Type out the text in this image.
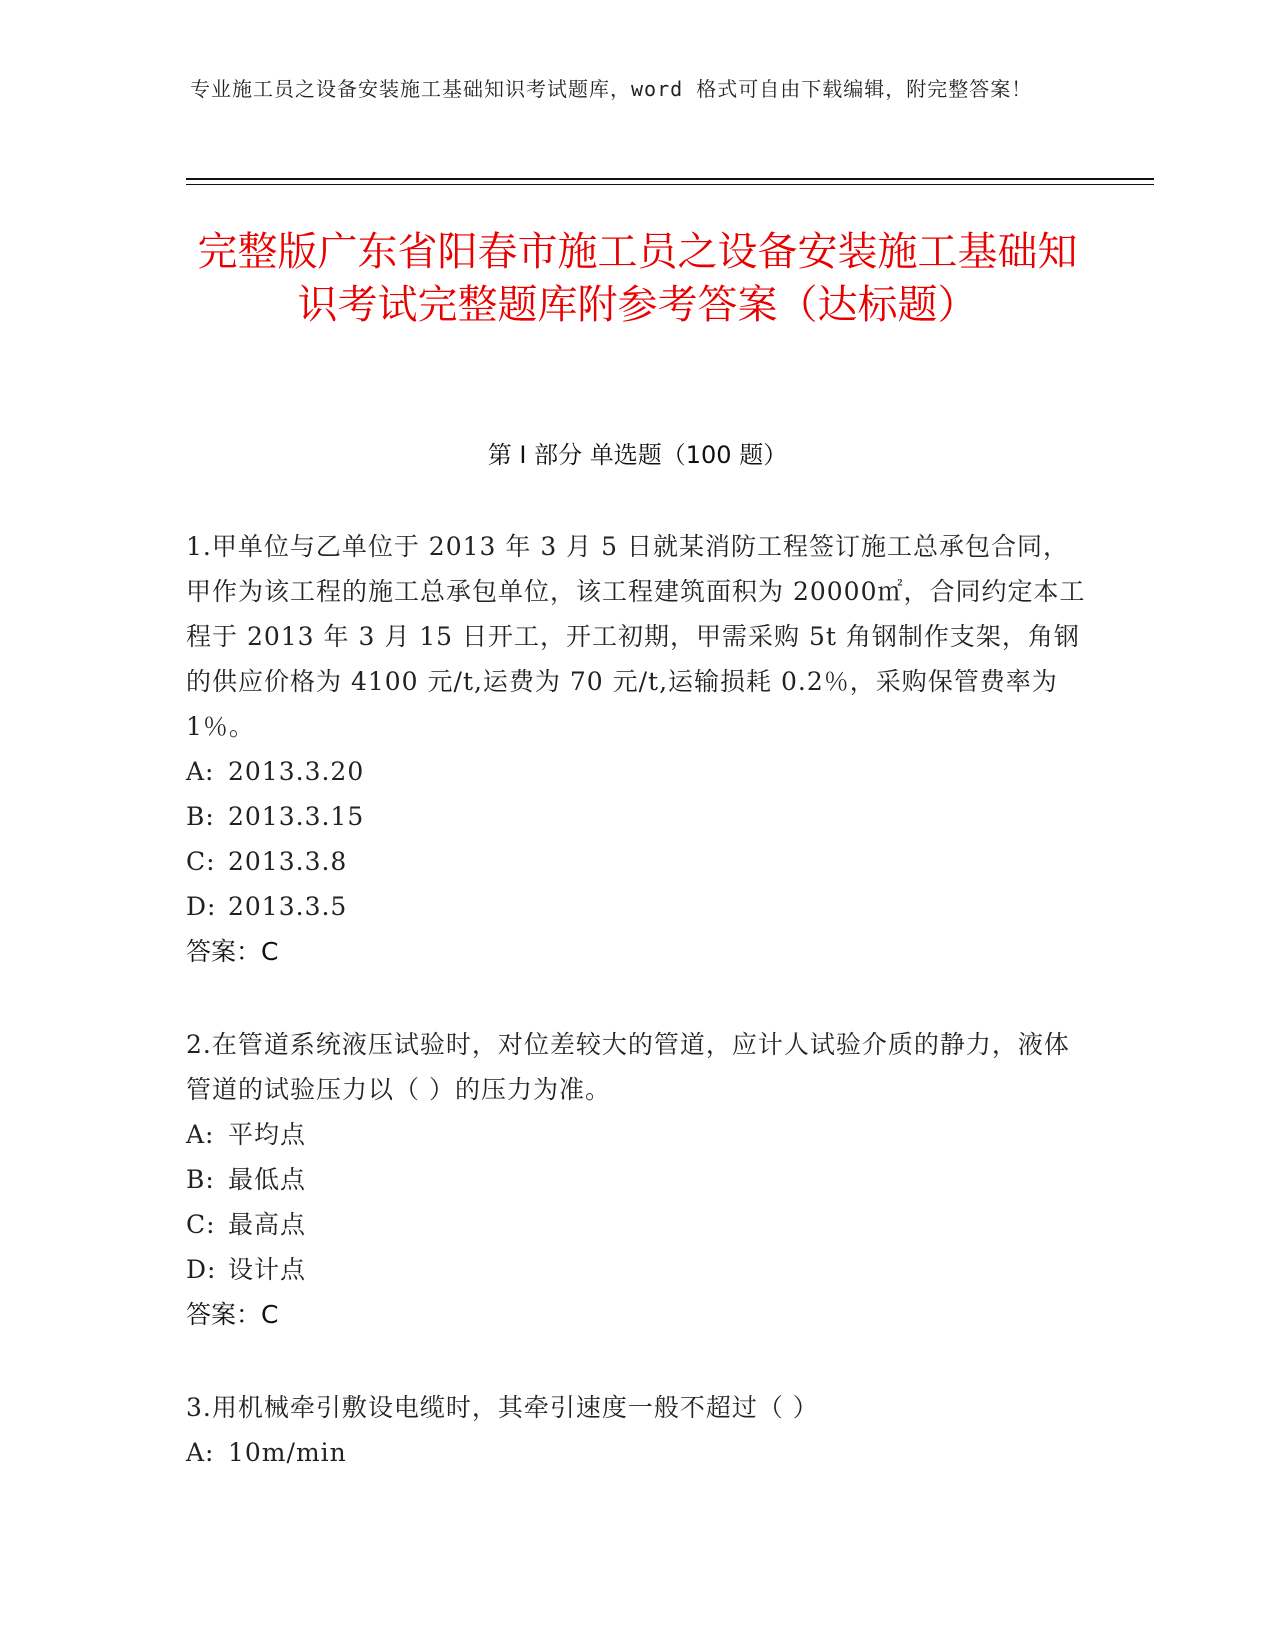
专业施工员之设备安装施工基础知识考试题库，word 格式可自由下载编辑，附完整答案！
完整版广东省阳春市施工员之设备安装施工基础知识考试完整题库附参考答案（达标题）
第 I 部分 单选题（100 题）
1.甲单位与乙单位于 2013 年 3 月 5 日就某消防工程签订施工总承包合同，甲作为该工程的施工总承包单位，该工程建筑面积为 20000㎡，合同约定本工程于 2013 年 3 月 15 日开工，开工初期，甲需采购 5t 角钢制作支架，角钢的供应价格为 4100 元/t,运费为 70 元/t,运输损耗 0.2％，采购保管费率为 1％。
A: 2013.3.20
B: 2013.3.15
C: 2013.3.8
D: 2013.3.5
答案：C
2.在管道系统液压试验时，对位差较大的管道，应计人试验介质的静力，液体管道的试验压力以（ ）的压力为准。
A: 平均点
B: 最低点
C: 最高点
D: 设计点
答案：C
3.用机械牵引敷设电缆时，其牵引速度一般不超过（ ）
A: 10m/min
